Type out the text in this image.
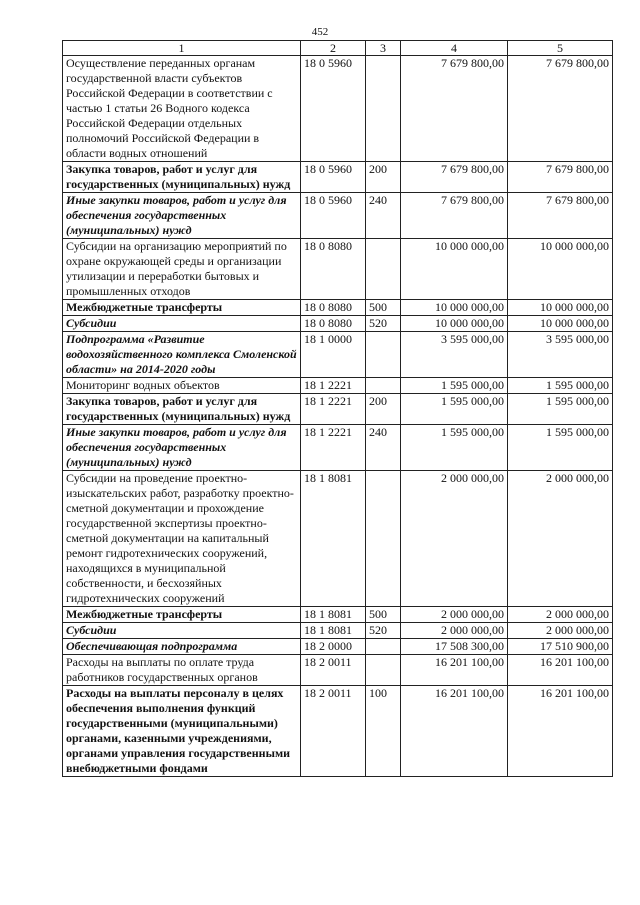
452
1	2	3	4	5
Осуществление переданных органам государственной власти субъектов Российской Федерации в соответствии с частью 1 статьи 26 Водного кодекса Российской Федерации отдельных полномочий Российской Федерации в области водных отношений	18 0 5960		7 679 800,00	7 679 800,00
Закупка товаров, работ и услуг для государственных (муниципальных) нужд	18 0 5960	200	7 679 800,00	7 679 800,00
Иные закупки товаров, работ и услуг для обеспечения государственных (муниципальных) нужд	18 0 5960	240	7 679 800,00	7 679 800,00
Субсидии на организацию мероприятий по охране окружающей среды и организации утилизации и переработки бытовых и промышленных отходов	18 0 8080		10 000 000,00	10 000 000,00
Межбюджетные трансферты	18 0 8080	500	10 000 000,00	10 000 000,00
Субсидии	18 0 8080	520	10 000 000,00	10 000 000,00
Подпрограмма «Развитие водохозяйственного комплекса Смоленской области» на 2014-2020 годы	18 1 0000		3 595 000,00	3 595 000,00
Мониторинг водных объектов	18 1 2221		1 595 000,00	1 595 000,00
Закупка товаров, работ и услуг для государственных (муниципальных) нужд	18 1 2221	200	1 595 000,00	1 595 000,00
Иные закупки товаров, работ и услуг для обеспечения государственных (муниципальных) нужд	18 1 2221	240	1 595 000,00	1 595 000,00
Субсидии на проведение проектно-изыскательских работ, разработку проектно-сметной документации и прохождение государственной экспертизы проектно-сметной документации на капитальный ремонт гидротехнических сооружений, находящихся в муниципальной собственности, и бесхозяйных гидротехнических сооружений	18 1 8081		2 000 000,00	2 000 000,00
Межбюджетные трансферты	18 1 8081	500	2 000 000,00	2 000 000,00
Субсидии	18 1 8081	520	2 000 000,00	2 000 000,00
Обеспечивающая подпрограмма	18 2 0000		17 508 300,00	17 510 900,00
Расходы на выплаты по оплате труда работников государственных органов	18 2 0011		16 201 100,00	16 201 100,00
Расходы на выплаты персоналу в целях обеспечения выполнения функций государственными (муниципальными) органами, казенными учреждениями, органами управления государственными внебюджетными фондами	18 2 0011	100	16 201 100,00	16 201 100,00
